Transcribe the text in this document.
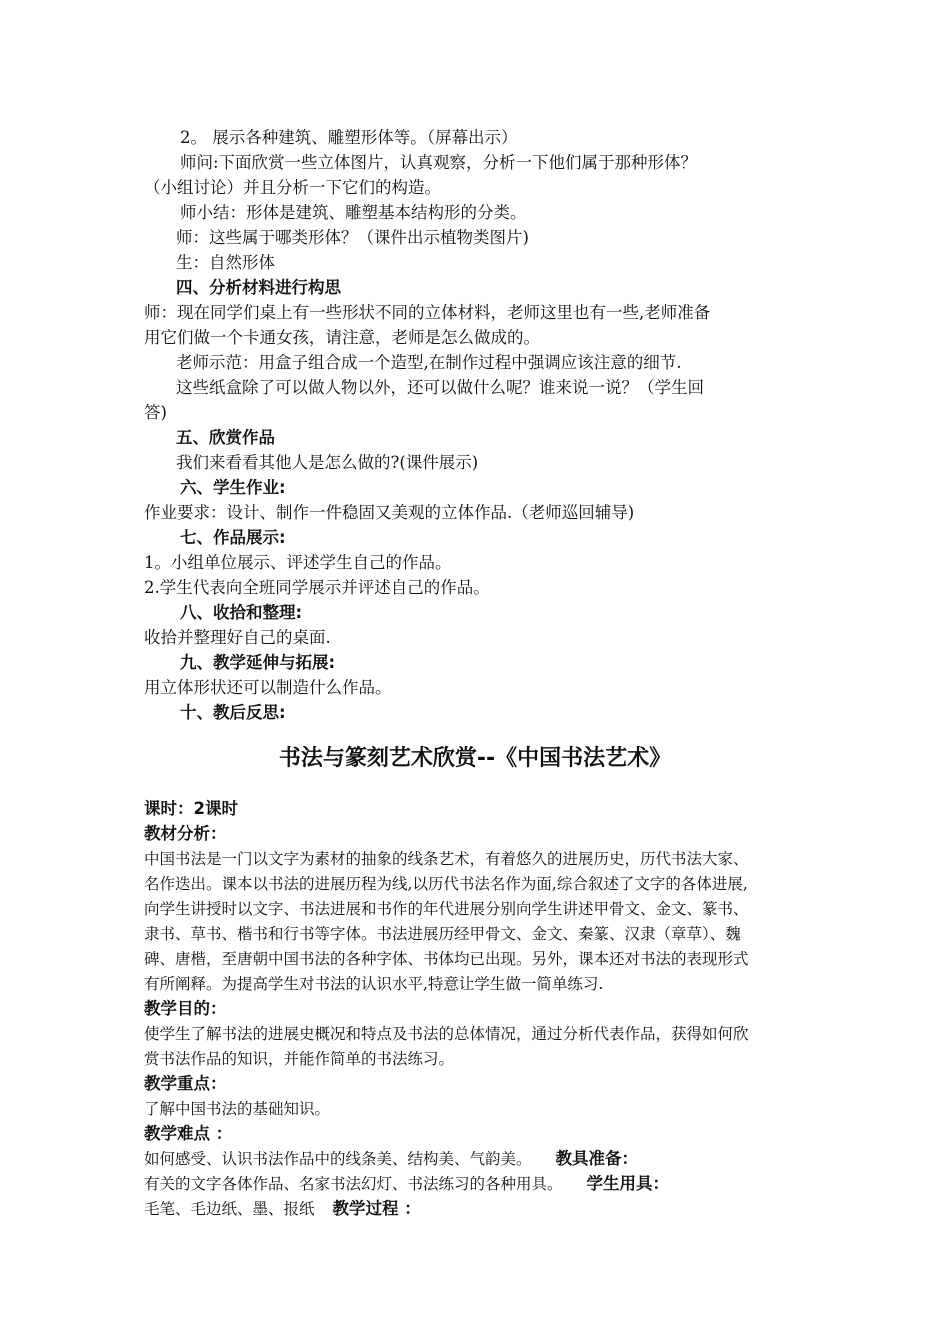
2。 展示各种建筑、雕塑形体等。（屏幕出示）
师问:下面欣赏一些立体图片，认真观察，分析一下他们属于那种形体？
（小组讨论）并且分析一下它们的构造。
师小结：形体是建筑、雕塑基本结构形的分类。
师：这些属于哪类形体？（课件出示植物类图片)
生：自然形体
四、分析材料进行构思
师：现在同学们桌上有一些形状不同的立体材料，老师这里也有一些,老师准备
用它们做一个卡通女孩，请注意，老师是怎么做成的。
老师示范：用盒子组合成一个造型,在制作过程中强调应该注意的细节.
这些纸盒除了可以做人物以外，还可以做什么呢？谁来说一说？（学生回
答)
五、欣赏作品
我们来看看其他人是怎么做的?(课件展示)
六、学生作业:
作业要求：设计、制作一件稳固又美观的立体作品.（老师巡回辅导)
七、作品展示:
1。小组单位展示、评述学生自己的作品。
2.学生代表向全班同学展示并评述自己的作品。
八、收拾和整理:
收拾并整理好自己的桌面.
九、教学延伸与拓展:
用立体形状还可以制造什么作品。
十、教后反思:
书法与篆刻艺术欣赏--《中国书法艺术》
课时：2课时
教材分析：
中国书法是一门以文字为素材的抽象的线条艺术，有着悠久的进展历史，历代书法大家、
名作迭出。课本以书法的进展历程为线,以历代书法名作为面,综合叙述了文字的各体进展,
向学生讲授时以文字、书法进展和书作的年代进展分别向学生讲述甲骨文、金文、篆书、
隶书、草书、楷书和行书等字体。书法进展历经甲骨文、金文、秦篆、汉隶（章草）、魏
碑、唐楷，至唐朝中国书法的各种字体、书体均已出现。另外，课本还对书法的表现形式
有所阐释。为提高学生对书法的认识水平,特意让学生做一简单练习.
教学目的：
使学生了解书法的进展史概况和特点及书法的总体情况，通过分析代表作品，获得如何欣
赏书法作品的知识，并能作简单的书法练习。
教学重点：
了解中国书法的基础知识。
教学难点 ：
如何感受、认识书法作品中的线条美、结构美、气韵美。 教具准备：
有关的文字各体作品、名家书法幻灯、书法练习的各种用具。 学生用具：
毛笔、毛边纸、墨、报纸 教学过程 ：
